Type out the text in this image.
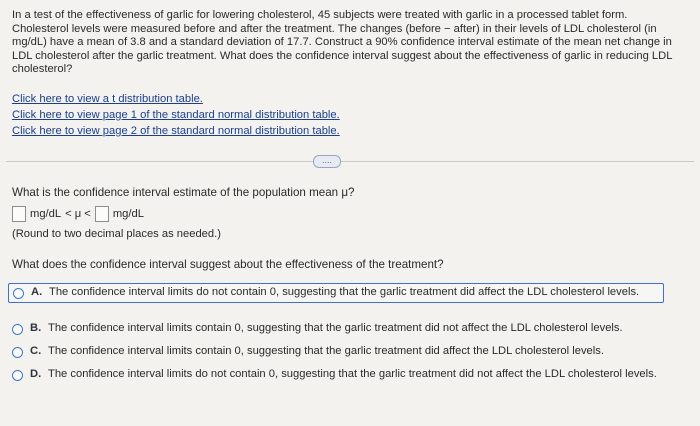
In a test of the effectiveness of garlic for lowering cholesterol, 45 subjects were treated with garlic in a processed tablet form. Cholesterol levels were measured before and after the treatment. The changes (before − after) in their levels of LDL cholesterol (in mg/dL) have a mean of 3.8 and a standard deviation of 17.7. Construct a 90% confidence interval estimate of the mean net change in LDL cholesterol after the garlic treatment. What does the confidence interval suggest about the effectiveness of garlic in reducing LDL cholesterol?
Click here to view a t distribution table.
Click here to view page 1 of the standard normal distribution table.
Click here to view page 2 of the standard normal distribution table.
....
What is the confidence interval estimate of the population mean μ?
mg/dL < μ < mg/dL
(Round to two decimal places as needed.)
What does the confidence interval suggest about the effectiveness of the treatment?
A. The confidence interval limits do not contain 0, suggesting that the garlic treatment did affect the LDL cholesterol levels.
B. The confidence interval limits contain 0, suggesting that the garlic treatment did not affect the LDL cholesterol levels.
C. The confidence interval limits contain 0, suggesting that the garlic treatment did affect the LDL cholesterol levels.
D. The confidence interval limits do not contain 0, suggesting that the garlic treatment did not affect the LDL cholesterol levels.
